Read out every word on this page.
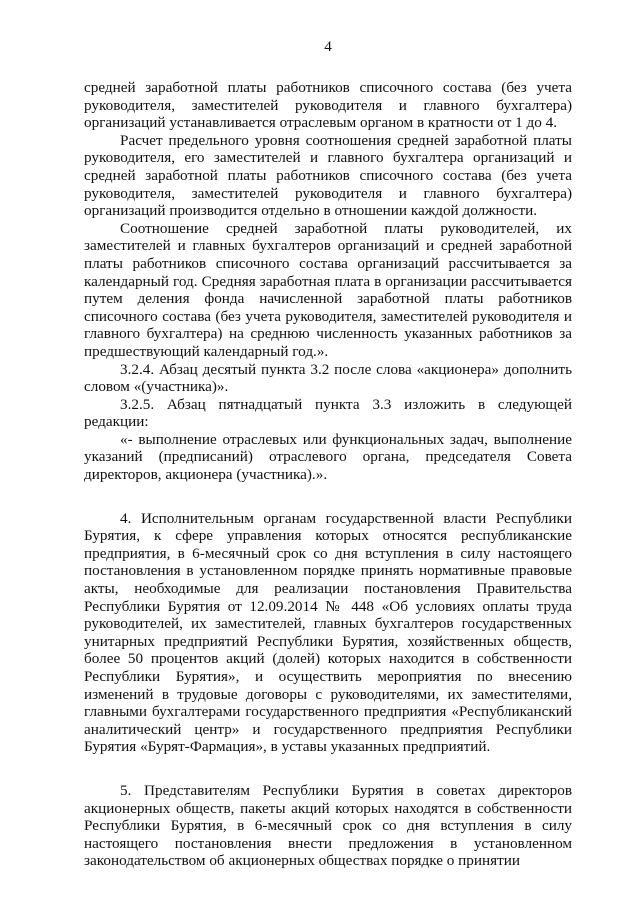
4

средней заработной платы работников списочного состава (без учета руководителя, заместителей руководителя и главного бухгалтера) организаций устанавливается отраслевым органом в кратности от 1 до 4.

Расчет предельного уровня соотношения средней заработной платы руководителя, его заместителей и главного бухгалтера организаций и средней заработной платы работников списочного состава (без учета руководителя, заместителей руководителя и главного бухгалтера) организаций производится отдельно в отношении каждой должности.

Соотношение средней заработной платы руководителей, их заместителей и главных бухгалтеров организаций и средней заработной платы работников списочного состава организаций рассчитывается за календарный год. Средняя заработная плата в организации рассчитывается путем деления фонда начисленной заработной платы работников списочного состава (без учета руководителя, заместителей руководителя и главного бухгалтера) на среднюю численность указанных работников за предшествующий календарный год.».

3.2.4. Абзац десятый пункта 3.2 после слова «акционера» дополнить словом «(участника)».

3.2.5. Абзац пятнадцатый пункта 3.3 изложить в следующей редакции:

«- выполнение отраслевых или функциональных задач, выполнение указаний (предписаний) отраслевого органа, председателя Совета директоров, акционера (участника).».

4. Исполнительным органам государственной власти Республики Бурятия, к сфере управления которых относятся республиканские предприятия, в 6-месячный срок со дня вступления в силу настоящего постановления в установленном порядке принять нормативные правовые акты, необходимые для реализации постановления Правительства Республики Бурятия от 12.09.2014 № 448 «Об условиях оплаты труда руководителей, их заместителей, главных бухгалтеров государственных унитарных предприятий Республики Бурятия, хозяйственных обществ, более 50 процентов акций (долей) которых находится в собственности Республики Бурятия», и осуществить мероприятия по внесению изменений в трудовые договоры с руководителями, их заместителями, главными бухгалтерами государственного предприятия «Республиканский аналитический центр» и государственного предприятия Республики Бурятия «Бурят-Фармация», в уставы указанных предприятий.

5. Представителям Республики Бурятия в советах директоров акционерных обществ, пакеты акций которых находятся в собственности Республики Бурятия, в 6-месячный срок со дня вступления в силу настоящего постановления внести предложения в установленном законодательством об акционерных обществах порядке о принятии
